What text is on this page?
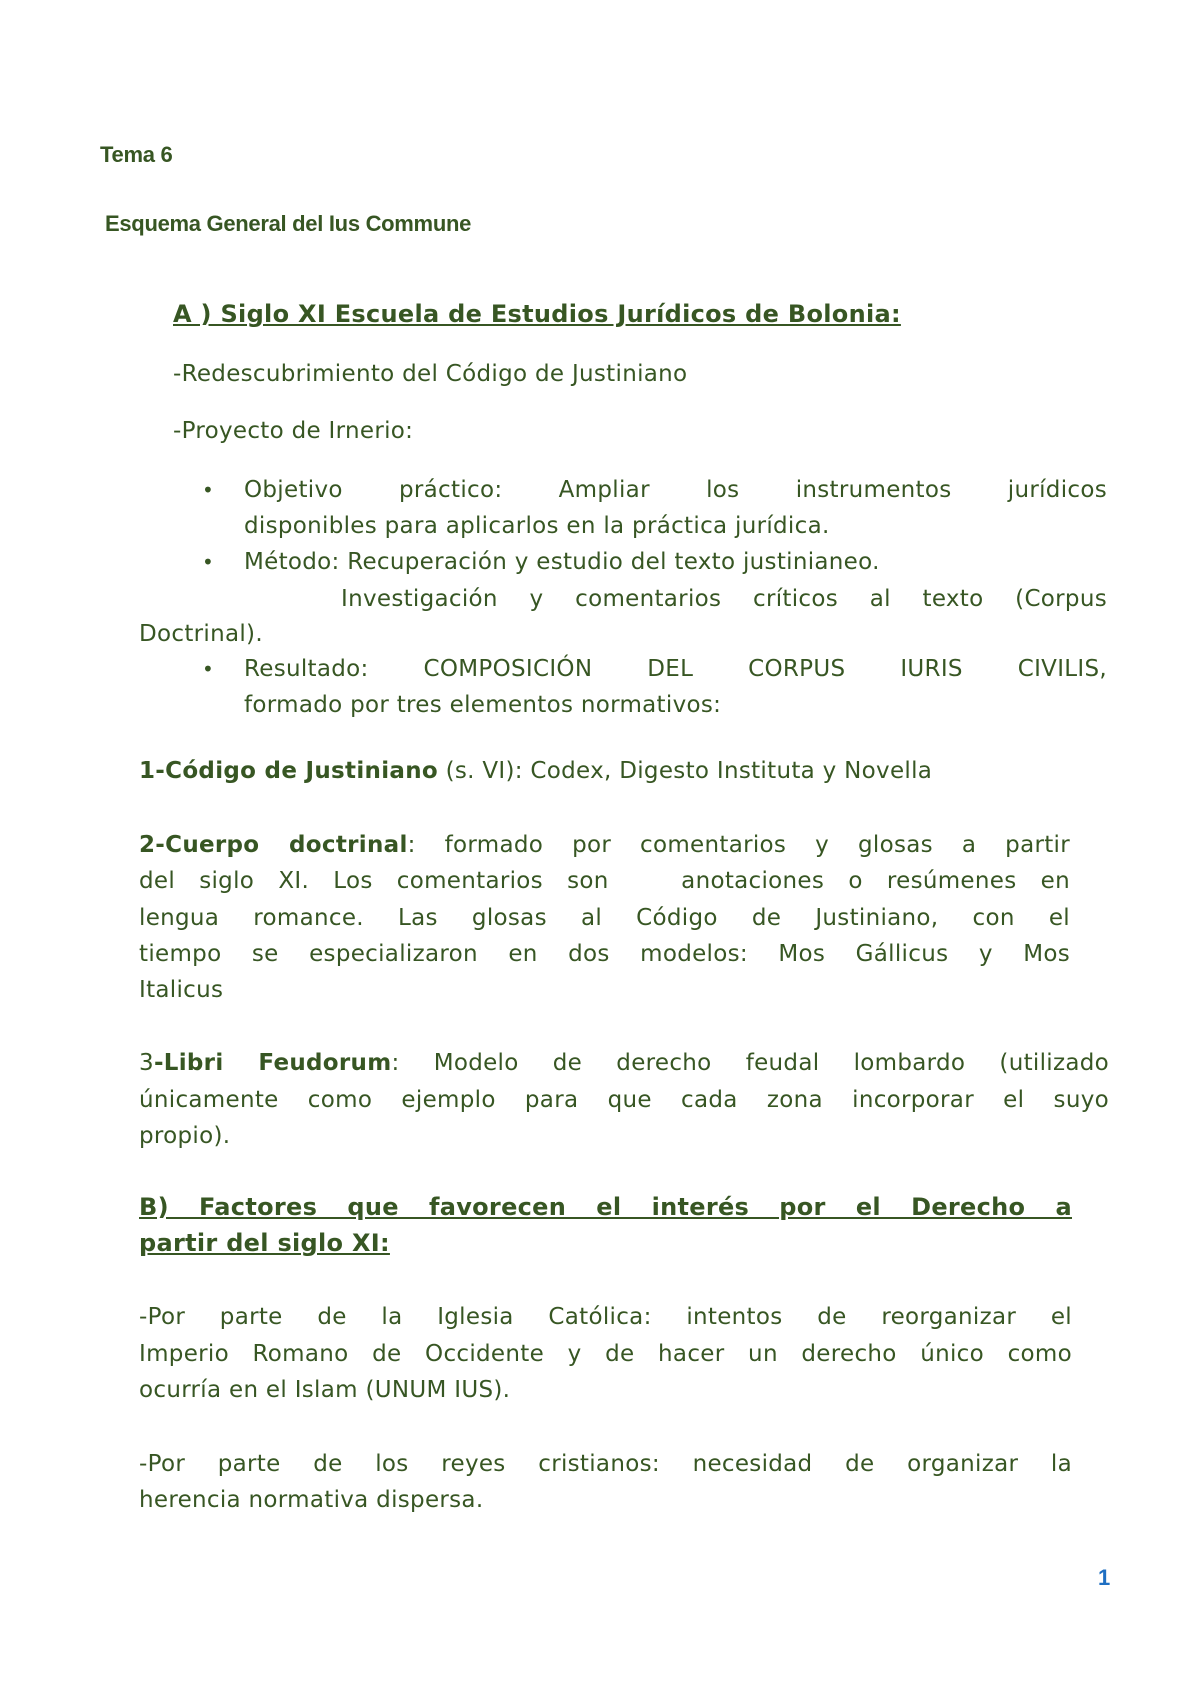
Tema 6
Esquema General del Ius Commune
A ) Siglo XI Escuela de Estudios Jurídicos de Bolonia:
-Redescubrimiento del Código de Justiniano
-Proyecto de Irnerio:
• Objetivo práctico: Ampliar los instrumentos jurídicos
disponibles para aplicarlos en la práctica jurídica.
• Método: Recuperación y estudio del texto justinianeo.
Investigación y comentarios críticos al texto (Corpus
Doctrinal).
• Resultado: COMPOSICIÓN DEL CORPUS IURIS CIVILIS,
formado por tres elementos normativos:
1-Código de Justiniano (s. VI): Codex, Digesto Instituta y Novella
2-Cuerpo doctrinal: formado por comentarios y glosas a partir
del siglo XI. Los comentarios son   anotaciones o resúmenes en
lengua romance. Las glosas al Código de Justiniano, con el
tiempo se especializaron en dos modelos: Mos Gállicus y Mos
Italicus
3-Libri Feudorum: Modelo de derecho feudal lombardo (utilizado
únicamente como ejemplo para que cada zona incorporar el suyo
propio).
B) Factores que favorecen el interés por el Derecho a
partir del siglo XI:
-Por parte de la Iglesia Católica: intentos de reorganizar el
Imperio Romano de Occidente y de hacer un derecho único como
ocurría en el Islam (UNUM IUS).
-Por parte de los reyes cristianos: necesidad de organizar la
herencia normativa dispersa.
1
